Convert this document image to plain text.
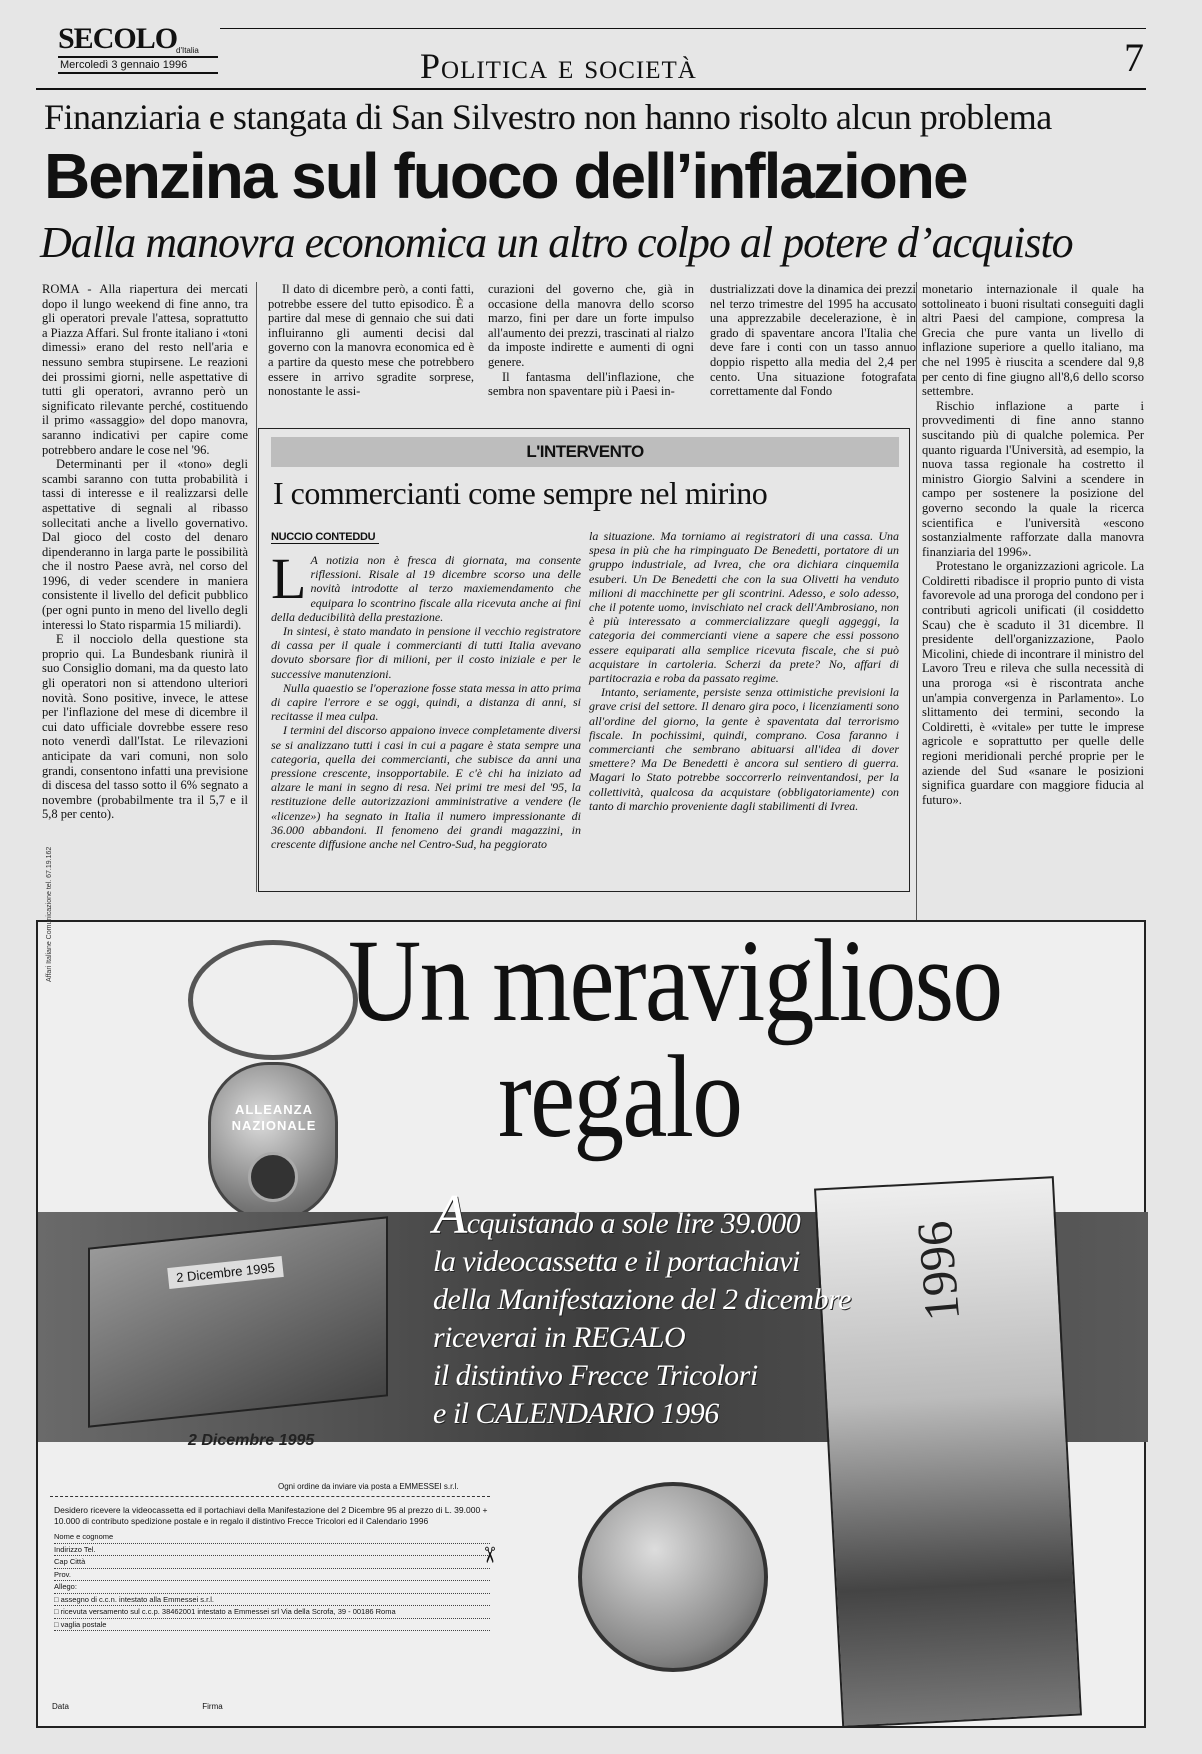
SECOLO
d'Italia
Mercoledì 3 gennaio 1996	Politica e società	7
Finanziaria e stangata di San Silvestro non hanno risolto alcun problema
Benzina sul fuoco dell’inflazione
Dalla manovra economica un altro colpo al potere d’acquisto

ROMA - Alla riapertura dei mercati dopo il lungo weekend di fine anno, tra gli operatori prevale l'attesa, soprattutto a Piazza Affari. Sul fronte italiano i «toni dimessi» erano del resto nell'aria e nessuno sembra stupirsene. Le reazioni dei prossimi giorni, nelle aspettative di tutti gli operatori, avranno però un significato rilevante perché, costituendo il primo «assaggio» del dopo manovra, saranno indicativi per capire come potrebbero andare le cose nel '96.

Determinanti per il «tono» degli scambi saranno con tutta probabilità i tassi di interesse e il realizzarsi delle aspettative di segnali al ribasso sollecitati anche a livello governativo. Dal gioco del costo del denaro dipenderanno in larga parte le possibilità che il nostro Paese avrà, nel corso del 1996, di veder scendere in maniera consistente il livello del deficit pubblico (per ogni punto in meno del livello degli interessi lo Stato risparmia 15 miliardi).

E il nocciolo della questione sta proprio qui. La Bundesbank riunirà il suo Consiglio domani, ma da questo lato gli operatori non si attendono ulteriori novità. Sono positive, invece, le attese per l'inflazione del mese di dicembre il cui dato ufficiale dovrebbe essere reso noto venerdì dall'Istat. Le rilevazioni anticipate da vari comuni, non solo grandi, consentono infatti una previsione di discesa del tasso sotto il 6% segnato a novembre (probabilmente tra il 5,7 e il 5,8 per cento).

Il dato di dicembre però, a conti fatti, potrebbe essere del tutto episodico. È a partire dal mese di gennaio che sui dati influiranno gli aumenti decisi dal governo con la manovra economica ed è a partire da questo mese che potrebbero essere in arrivo sgradite sorprese, nonostante le assi-

curazioni del governo che, già in occasione della manovra dello scorso marzo, fini per dare un forte impulso all'aumento dei prezzi, trascinati al rialzo da imposte indirette e aumenti di ogni genere.

Il fantasma dell'inflazione, che sembra non spaventare più i Paesi in-

dustrializzati dove la dinamica dei prezzi nel terzo trimestre del 1995 ha accusato una apprezzabile decelerazione, è in grado di spaventare ancora l'Italia che deve fare i conti con un tasso annuo doppio rispetto alla media del 2,4 per cento. Una situazione fotografata correttamente dal Fondo

monetario internazionale il quale ha sottolineato i buoni risultati conseguiti dagli altri Paesi del campione, compresa la Grecia che pure vanta un livello di inflazione superiore a quello italiano, ma che nel 1995 è riuscita a scendere dal 9,8 per cento di fine giugno all'8,6 dello scorso settembre.

Rischio inflazione a parte i provvedimenti di fine anno stanno suscitando più di qualche polemica. Per quanto riguarda l'Università, ad esempio, la nuova tassa regionale ha costretto il ministro Giorgio Salvini a scendere in campo per sostenere la posizione del governo secondo la quale la ricerca scientifica e l'università «escono sostanzialmente rafforzate dalla manovra finanziaria del 1996».

Protestano le organizzazioni agricole. La Coldiretti ribadisce il proprio punto di vista favorevole ad una proroga del condono per i contributi agricoli unificati (il cosiddetto Scau) che è scaduto il 31 dicembre. Il presidente dell'organizzazione, Paolo Micolini, chiede di incontrare il ministro del Lavoro Treu e rileva che sulla necessità di una proroga «si è riscontrata anche un'ampia convergenza in Parlamento». Lo slittamento dei termini, secondo la Coldiretti, è «vitale» per tutte le imprese agricole e soprattutto per quelle delle regioni meridionali perché proprie per le aziende del Sud «sanare le posizioni significa guardare con maggiore fiducia al futuro».

L'INTERVENTO
I commercianti come sempre nel mirino
NUCCIO CONTEDDU
L A notizia non è fresca di giornata, ma consente riflessioni. Risale al 19 dicembre scorso una delle novità introdotte al terzo maxiemendamento che equipara lo scontrino fiscale alla ricevuta anche ai fini della deducibilità della prestazione.

In sintesi, è stato mandato in pensione il vecchio registratore di cassa per il quale i commercianti di tutti Italia avevano dovuto sborsare fior di milioni, per il costo iniziale e per le successive manutenzioni.

Nulla quaestio se l'operazione fosse stata messa in atto prima di capire l'errore e se oggi, quindi, a distanza di anni, si recitasse il mea culpa.

I termini del discorso appaiono invece completamente diversi se si analizzano tutti i casi in cui a pagare è stata sempre una categoria, quella dei commercianti, che subisce da anni una pressione crescente, insopportabile. E c'è chi ha iniziato ad alzare le mani in segno di resa. Nei primi tre mesi del '95, la restituzione delle autorizzazioni amministrative a vendere (le «licenze») ha segnato in Italia il numero impressionante di 36.000 abbandoni. Il fenomeno dei grandi magazzini, in crescente diffusione anche nel Centro-Sud, ha peggiorato

la situazione. Ma torniamo ai registratori di una cassa. Una spesa in più che ha rimpinguato De Benedetti, portatore di un gruppo industriale, ad Ivrea, che ora dichiara cinquemila esuberi. Un De Benedetti che con la sua Olivetti ha venduto milioni di macchinette per gli scontrini. Adesso, e solo adesso, che il potente uomo, invischiato nel crack dell'Ambrosiano, non è più interessato a commercializzare quegli aggeggi, la categoria dei commercianti viene a sapere che essi possono essere equiparati alla semplice ricevuta fiscale, che si può acquistare in cartoleria. Scherzi da prete? No, affari di partitocrazia e roba da passato regime.

Intanto, seriamente, persiste senza ottimistiche previsioni la grave crisi del settore. Il denaro gira poco, i licenziamenti sono all'ordine del giorno, la gente è spaventata dal terrorismo fiscale. In pochissimi, quindi, comprano. Cosa faranno i commercianti che sembrano abituarsi all'idea di dover smettere? Ma De Benedetti è ancora sul sentiero di guerra. Magari lo Stato potrebbe soccorrerlo reinventandosi, per la collettività, qualcosa da acquistare (obbligatoriamente) con tanto di marchio proveniente dagli stabilimenti di Ivrea.

Affari Italiane Comunicazione tel. 67.19.162
ALLEANZA NAZIONALE
Un meraviglioso
regalo
2 Dicembre 1995
2 Dicembre 1995
1996
Acquistando a sole lire 39.000
la videocassetta e il portachiavi
della Manifestazione del 2 dicembre
riceverai in REGALO
il distintivo Frecce Tricolori
e il CALENDARIO 1996
Ogni ordine da inviare via posta a EMMESSEI s.r.l.
Desidero ricevere la videocassetta ed il portachiavi della Manifestazione del 2 Dicembre 95 al prezzo di L. 39.000 + 10.000 di contributo spedizione postale e in regalo il distintivo Frecce Tricolori ed il Calendario 1996
Nome e cognome
Indirizzo Tel.
Cap Città
Prov.
Allego:
□ assegno di c.c.n. intestato alla Emmessei s.r.l.
□ ricevuta versamento sul c.c.p. 38462001 intestato a Emmessei srl Via della Scrofa, 39 - 00186 Roma
□ vaglia postale
✂
Data                                                            Firma
